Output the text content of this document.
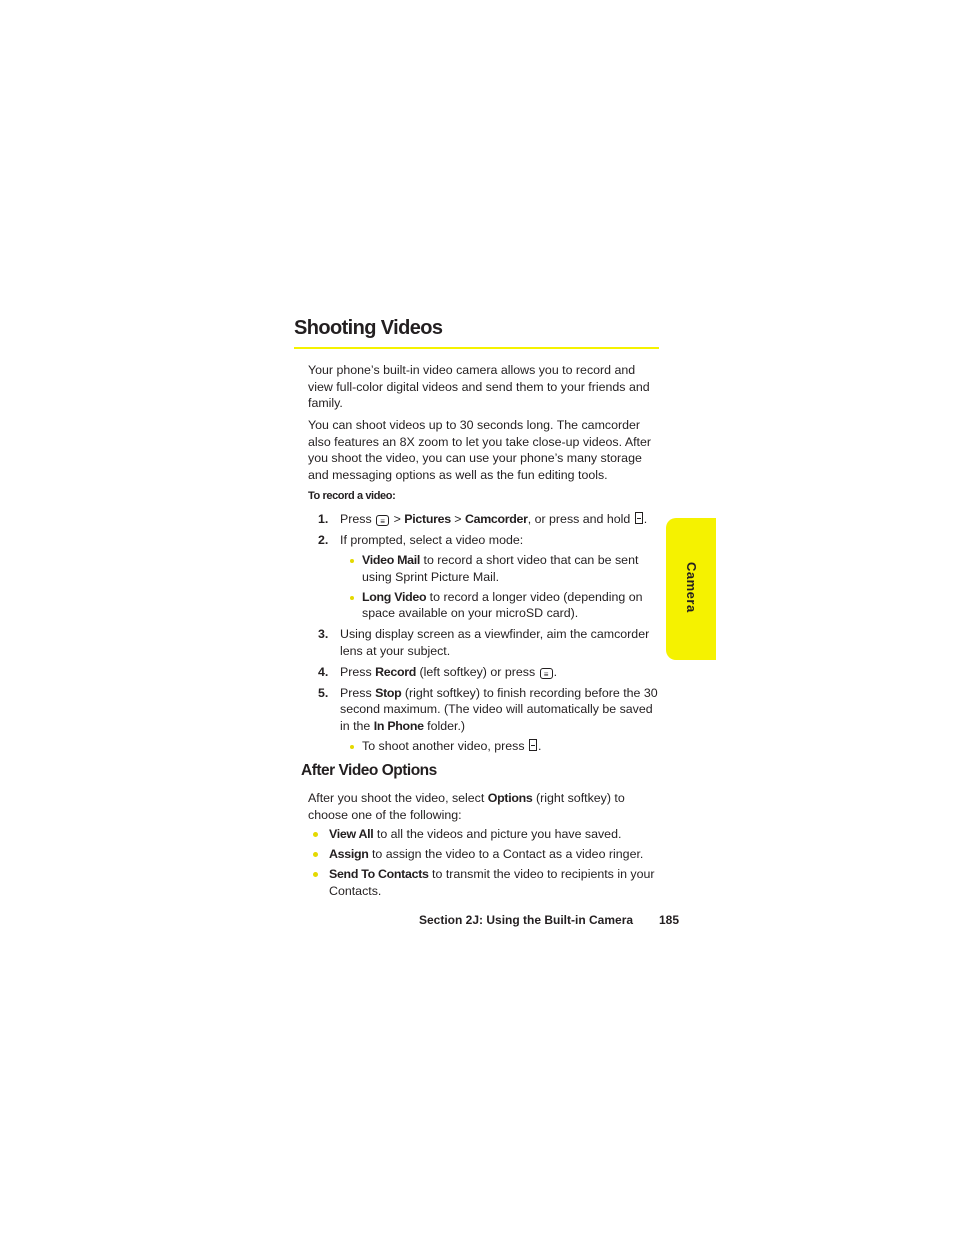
Shooting Videos

Your phone’s built-in video camera allows you to record and view full-color digital videos and send them to your friends and family.

You can shoot videos up to 30 seconds long. The camcorder also features an 8X zoom to let you take close-up videos. After you shoot the video, you can use your phone’s many storage and messaging options as well as the fun editing tools.

To record a video:
1. Press ≡ > Pictures > Camcorder, or press and hold .
2. If prompted, select a video mode:
Video Mail to record a short video that can be sent using Sprint Picture Mail.
Long Video to record a longer video (depending on space available on your microSD card).
3. Using display screen as a viewfinder, aim the camcorder lens at your subject.
4. Press Record (left softkey) or press ≡ .
5. Press Stop (right softkey) to finish recording before the 30 second maximum. (The video will automatically be saved in the In Phone folder.)
To shoot another video, press .
After Video Options

After you shoot the video, select Options (right softkey) to choose one of the following:

View All to all the videos and picture you have saved.
Assign to assign the video to a Contact as a video ringer.
Send To Contacts to transmit the video to recipients in your Contacts.
Section 2J: Using the Built-in Camera 185
Camera
